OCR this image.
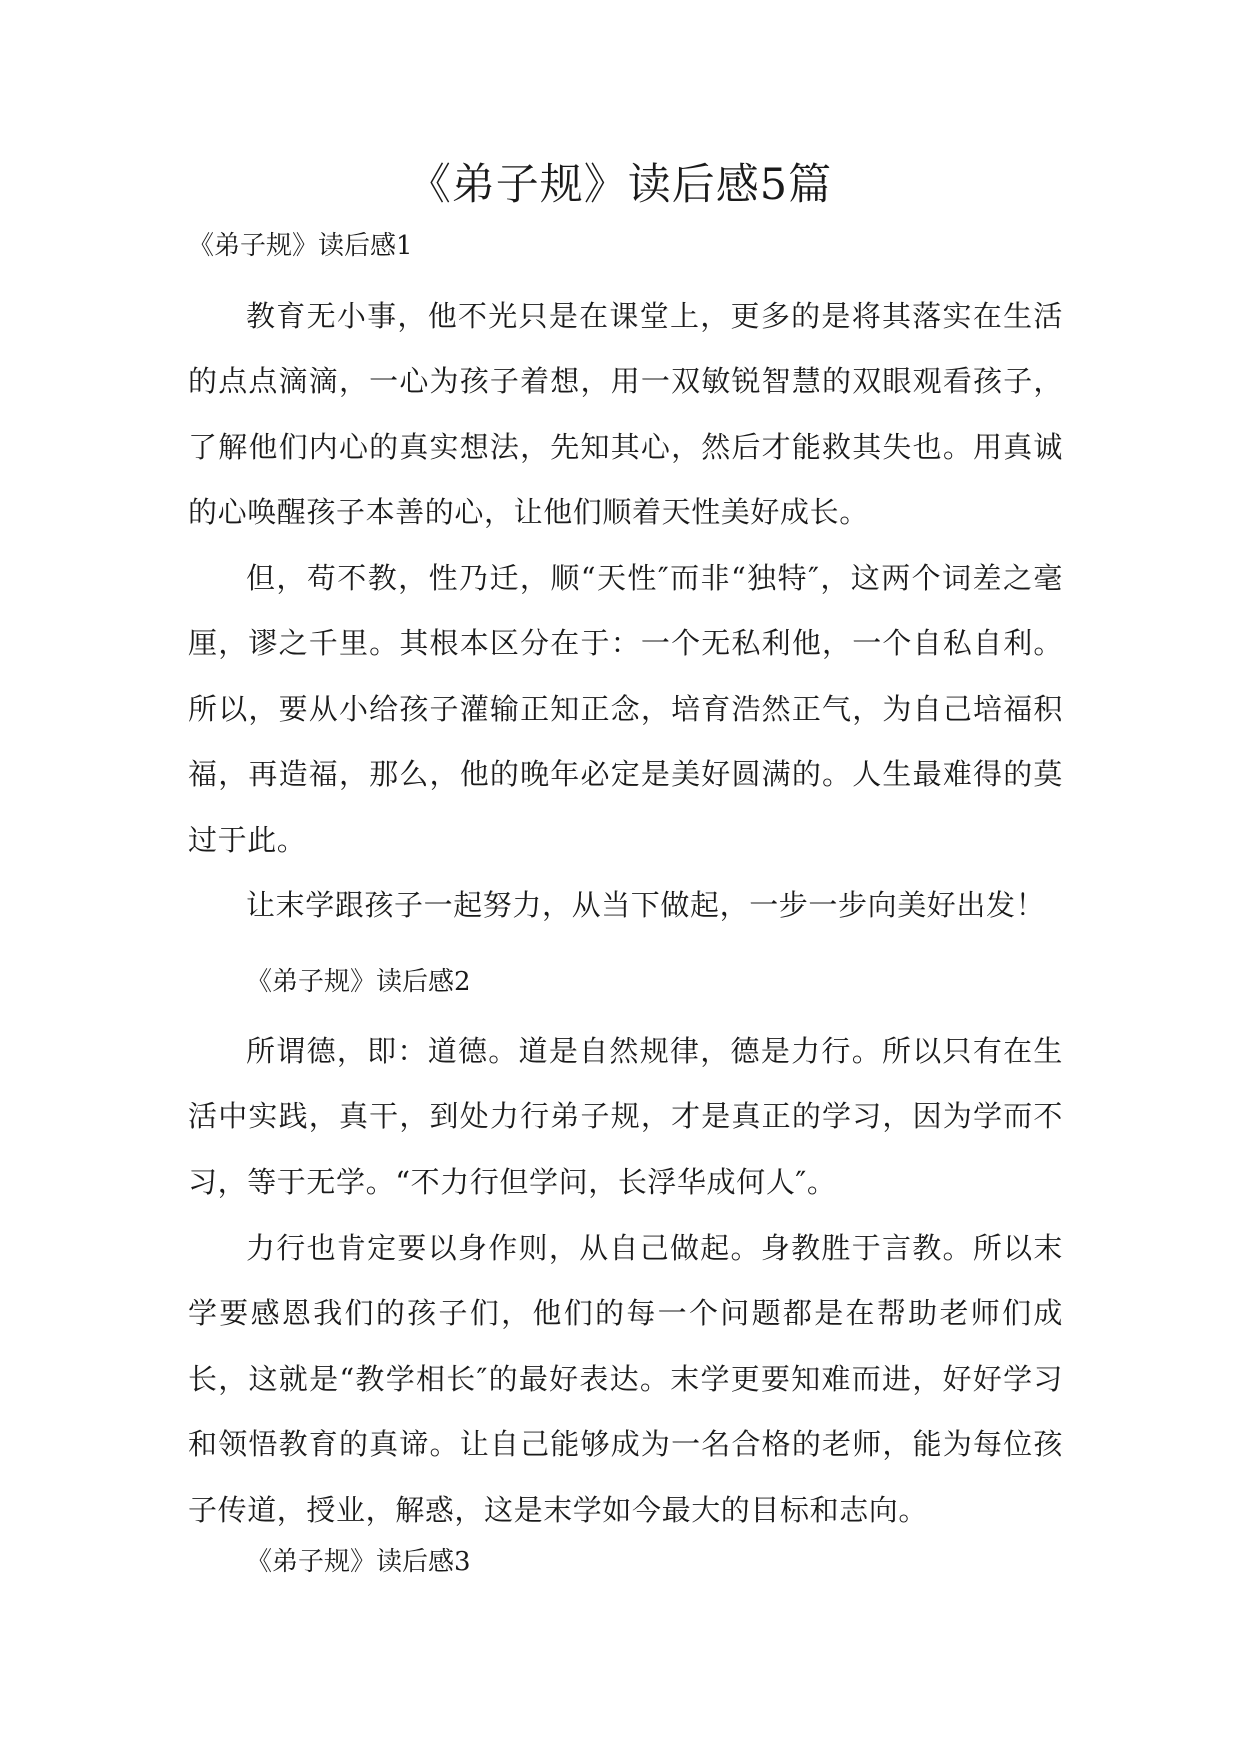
《弟子规》读后感5篇
《弟子规》读后感1

教育无小事，他不光只是在课堂上，更多的是将其落实在生活的点点滴滴，一心为孩子着想，用一双敏锐智慧的双眼观看孩子，了解他们内心的真实想法，先知其心，然后才能救其失也。用真诚的心唤醒孩子本善的心，让他们顺着天性美好成长。

但，苟不教，性乃迁，顺“天性″而非“独特″，这两个词差之毫厘，谬之千里。其根本区分在于：一个无私利他，一个自私自利。所以，要从小给孩子灌输正知正念，培育浩然正气，为自己培福积福，再造福，那么，他的晚年必定是美好圆满的。人生最难得的莫过于此。

让末学跟孩子一起努力，从当下做起，一步一步向美好出发！

《弟子规》读后感2

所谓德，即：道德。道是自然规律，德是力行。所以只有在生活中实践，真干，到处力行弟子规，才是真正的学习，因为学而不习，等于无学。“不力行但学问，长浮华成何人″。

力行也肯定要以身作则，从自己做起。身教胜于言教。所以末学要感恩我们的孩子们，他们的每一个问题都是在帮助老师们成长，这就是“教学相长″的最好表达。末学更要知难而进，好好学习和领悟教育的真谛。让自己能够成为一名合格的老师，能为每位孩子传道，授业，解惑，这是末学如今最大的目标和志向。

《弟子规》读后感3
